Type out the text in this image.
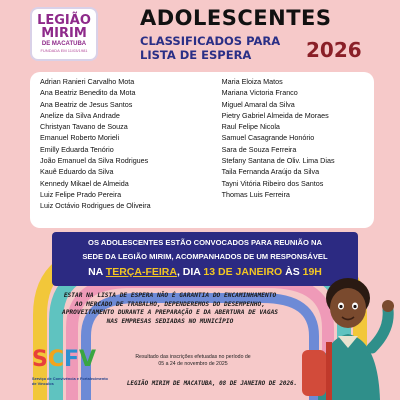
LEGIÃO
MIRIM
DE MACATUBA
FUNDADA EM 11/03/1981
ADOLESCENTES
CLASSIFICADOS PARA
LISTA DE ESPERA	2026
Adrian Ranieri Carvalho Mota
Ana Beatriz Benedito da Mota
Ana Beatriz de Jesus Santos
Anelize da Silva Andrade
Christyan Tavano de Souza
Emanuel Roberto Morieli
Emilly Eduarda Tenório
João Emanuel da Silva Rodrigues
Kauê Eduardo da Silva
Kennedy Mikael de Almeida
Luiz Felipe Prado Pereira
Luiz Octávio Rodrigues de Oliveira
Maria Eloiza Matos
Mariana Victoria Franco
Miguel Amaral da Silva
Pietry Gabriel Almeida de Moraes
Raul Felipe Nicola
Samuel Casagrande Honório
Sara de Souza Ferreira
Stefany Santana de Oliv. Lima Dias
Taila Fernanda Araújo da Silva
Tayni Vitória Ribeiro dos Santos
Thomas Luis Ferreira
OS ADOLESCENTES ESTÃO CONVOCADOS PARA REUNIÃO NA
SEDE DA LEGIÃO MIRIM, ACOMPANHADOS DE UM RESPONSÁVEL
NA TERÇA-FEIRA, DIA 13 DE JANEIRO ÀS 19H
ESTAR NA LISTA DE ESPERA NÃO É GARANTIA DO ENCAMINHAMENTO AO MERCADO DE TRABALHO, DEPENDEREMOS DO DESEMPENHO, APROVEITAMENTO DURANTE A PREPARAÇÃO E DA ABERTURA DE VAGAS NAS EMPRESAS SEDIADAS NO MUNICÍPIO
SCFV
Serviço de Convivência e Fortalecimento de Vínculos
Resultado das inscrições efetuadas no período de 05 a 24 de novembro de 2025
LEGIÃO MIRIM DE MACATUBA, 08 DE JANEIRO DE 2026.
